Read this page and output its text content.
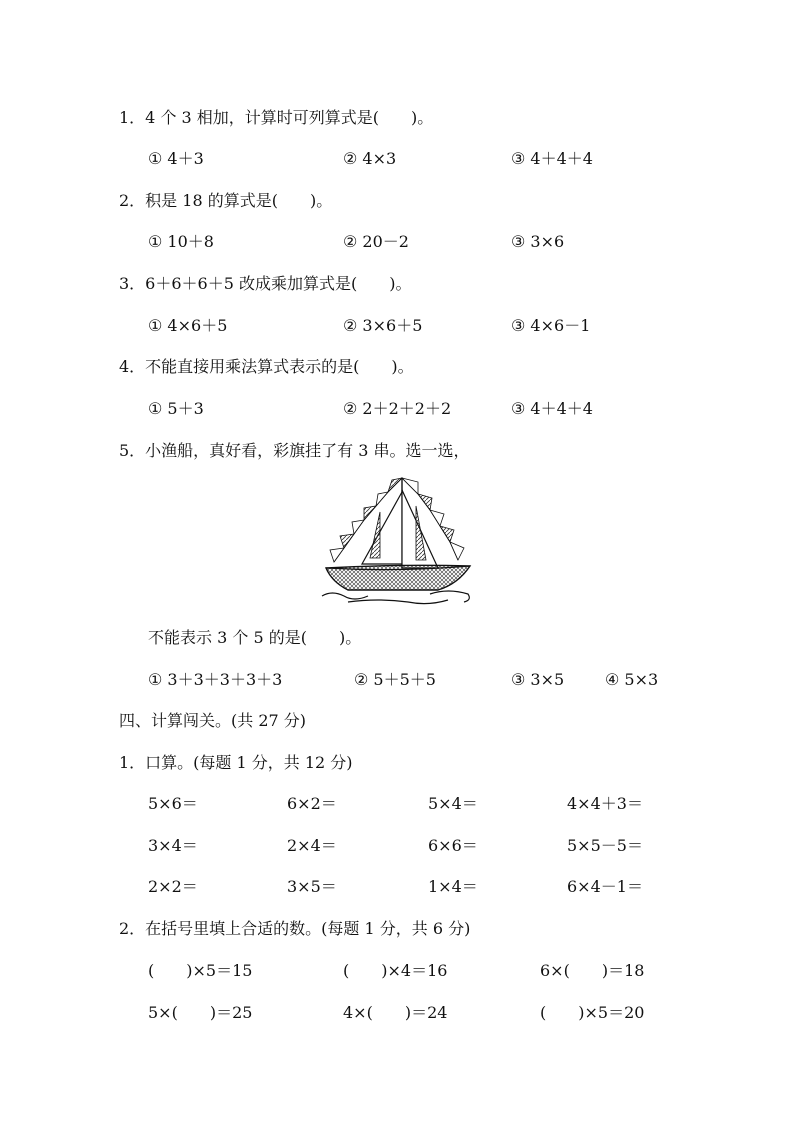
1．4 个 3 相加，计算时可列算式是(　　)。
① 4＋3	② 4×3	③ 4＋4＋4
2．积是 18 的算式是(　　)。
① 10＋8	② 20－2	③ 3×6
3．6＋6＋6＋5 改成乘加算式是(　　)。
① 4×6＋5	② 3×6＋5	③ 4×6－1
4．不能直接用乘法算式表示的是(　　)。
① 5＋3	② 2＋2＋2＋2	③ 4＋4＋4
5．小渔船，真好看，彩旗挂了有 3 串。选一选，
不能表示 3 个 5 的是(　　)。
① 3＋3＋3＋3＋3	② 5＋5＋5	③ 3×5	④ 5×3
四、计算闯关。(共 27 分)
1．口算。(每题 1 分，共 12 分)
5×6＝	6×2＝	5×4＝	4×4＋3＝
3×4＝	2×4＝	6×6＝	5×5－5＝
2×2＝	3×5＝	1×4＝	6×4－1＝
2．在括号里填上合适的数。(每题 1 分，共 6 分)
(　　)×5＝15	(　　)×4＝16	6×(　　)＝18
5×(　　)＝25	4×(　　)＝24	(　　)×5＝20
